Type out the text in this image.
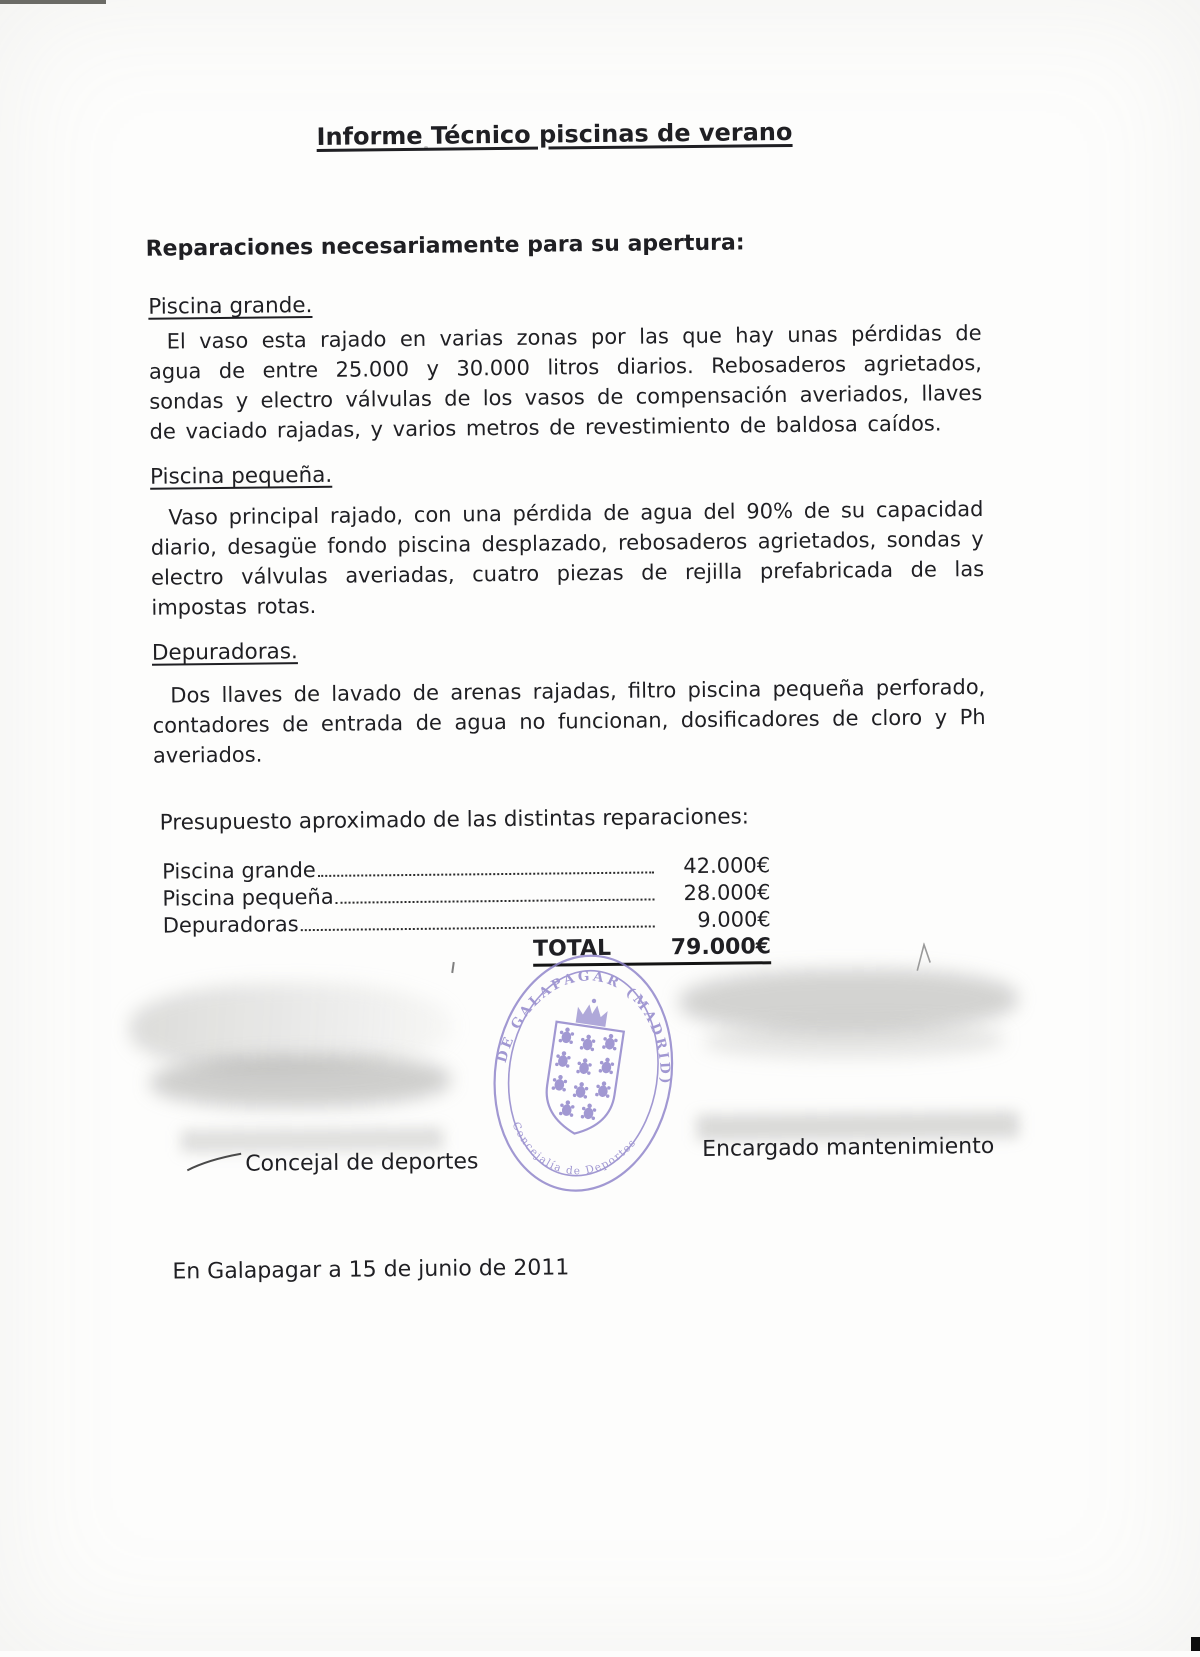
Informe Técnico piscinas de verano
Reparaciones necesariamente para su apertura:
Piscina grande.
El vaso esta rajado en varias zonas por las que hay unas pérdidas de agua de entre 25.000 y 30.000 litros diarios. Rebosaderos agrietados, sondas y electro válvulas de los vasos de compensación averiados, llaves de vaciado rajadas, y varios metros de revestimiento de baldosa caídos.
Piscina pequeña.
Vaso principal rajado, con una pérdida de agua del 90% de su capacidad diario, desagüe fondo piscina desplazado, rebosaderos agrietados, sondas y electro válvulas averiadas, cuatro piezas de rejilla prefabricada de las impostas rotas.
Depuradoras.
Dos llaves de lavado de arenas rajadas, filtro piscina pequeña perforado, contadores de entrada de agua no funcionan, dosificadores de cloro y Ph averiados.
Presupuesto aproximado de las distintas reparaciones:
Piscina grande	42.000€
Piscina pequeña	28.000€
Depuradoras	9.000€
TOTAL	79.000€
DE GALAPAGAR (MADRID)
Concejalía de Deportes
Concejal de deportes
Encargado mantenimiento
En Galapagar a 15 de junio de 2011
